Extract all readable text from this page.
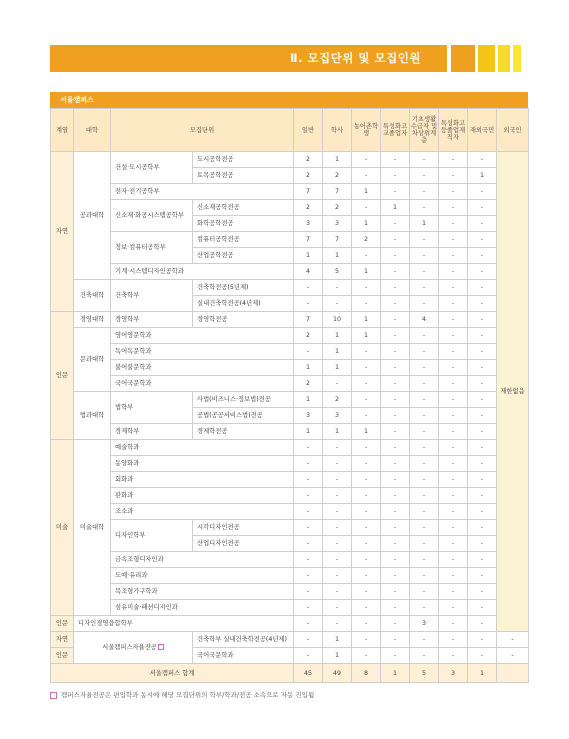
Ⅱ. 모집단위 및 모집인원
서울캠퍼스
계열	대학	모집단위		일반	학사	농어촌학생	특성화고교졸업자	기초생활수급자 및 차상위계층	특성화고등졸업재직자	재외국민	외국인	
자연	공과대학	건설·도시공학부	도시공학전공	2	1	-	-	-	-	-	제한없음	
			토목공학전공	2	2	-	-	-	-	1		
		전자·전기공학부		7	7	1	-	-	-	-		
		신소재·화공시스템공학부	신소재공학전공	2	2	-	1	-	-	-		
			화학공학전공	3	3	1	-	1	-	-		
		정보·컴퓨터공학부	컴퓨터공학전공	7	7	2	-	-	-	-		
			산업공학전공	1	1	-	-	-	-	-		
		기계·시스템디자인공학과		4	5	1	-	-	-	-		
	건축대학	건축학부	건축학전공(5년제)	-	-	-	-	-	-	-		
			실내건축학전공(4년제)	-	-	-	-	-	-	-		
인문	경영대학	경영학부	경영학전공	7	10	1	-	4	-	-		
	문과대학	영어영문학과		2	1	1	-	-	-	-		
		독어독문학과		-	1	-	-	-	-	-		
		불어불문학과		1	1	-	-	-	-	-		
		국어국문학과		2	-	-	-	-	-	-		
	법과대학	법학부	사법(비즈니스·정보법)전공	1	2	-	-	-	-	-		
			공법(공공서비스법)전공	3	3	-	-	-	-	-		
		경제학부	경제학전공	1	1	1	-	-	-	-		
미술	미술대학	예술학과		-	-	-	-	-	-	-		
		동양화과		-	-	-	-	-	-	-		
		회화과		-	-	-	-	-	-	-		
		판화과		-	-	-	-	-	-	-		
		조소과		-	-	-	-	-	-	-		
		디자인학부	시각디자인전공	-	-	-	-	-	-	-		
			산업디자인전공	-	-	-	-	-	-	-		
		금속조형디자인과		-	-	-	-	-	-	-		
		도예·유리과		-	-	-	-	-	-	-		
		목조형가구학과		-	-	-	-	-	-	-		
		섬유미술·패션디자인과		-	-	-	-	-	-	-		
인문	디자인경영융합학부			-	-	-	-	3	-	-	
자연	서울캠퍼스자율전공		건축학부 실내건축학전공(4년제)	-	1	-	-	-	-	-	-	
인문			국어국문학과	-	1	-	-	-	-	-	-	
서울캠퍼스 합계				45	49	8	1	5	3	1		
캠퍼스자율전공은 편입학과 동시에 해당 모집단위의 학부/학과/전공 소속으로 자동 진입됨
